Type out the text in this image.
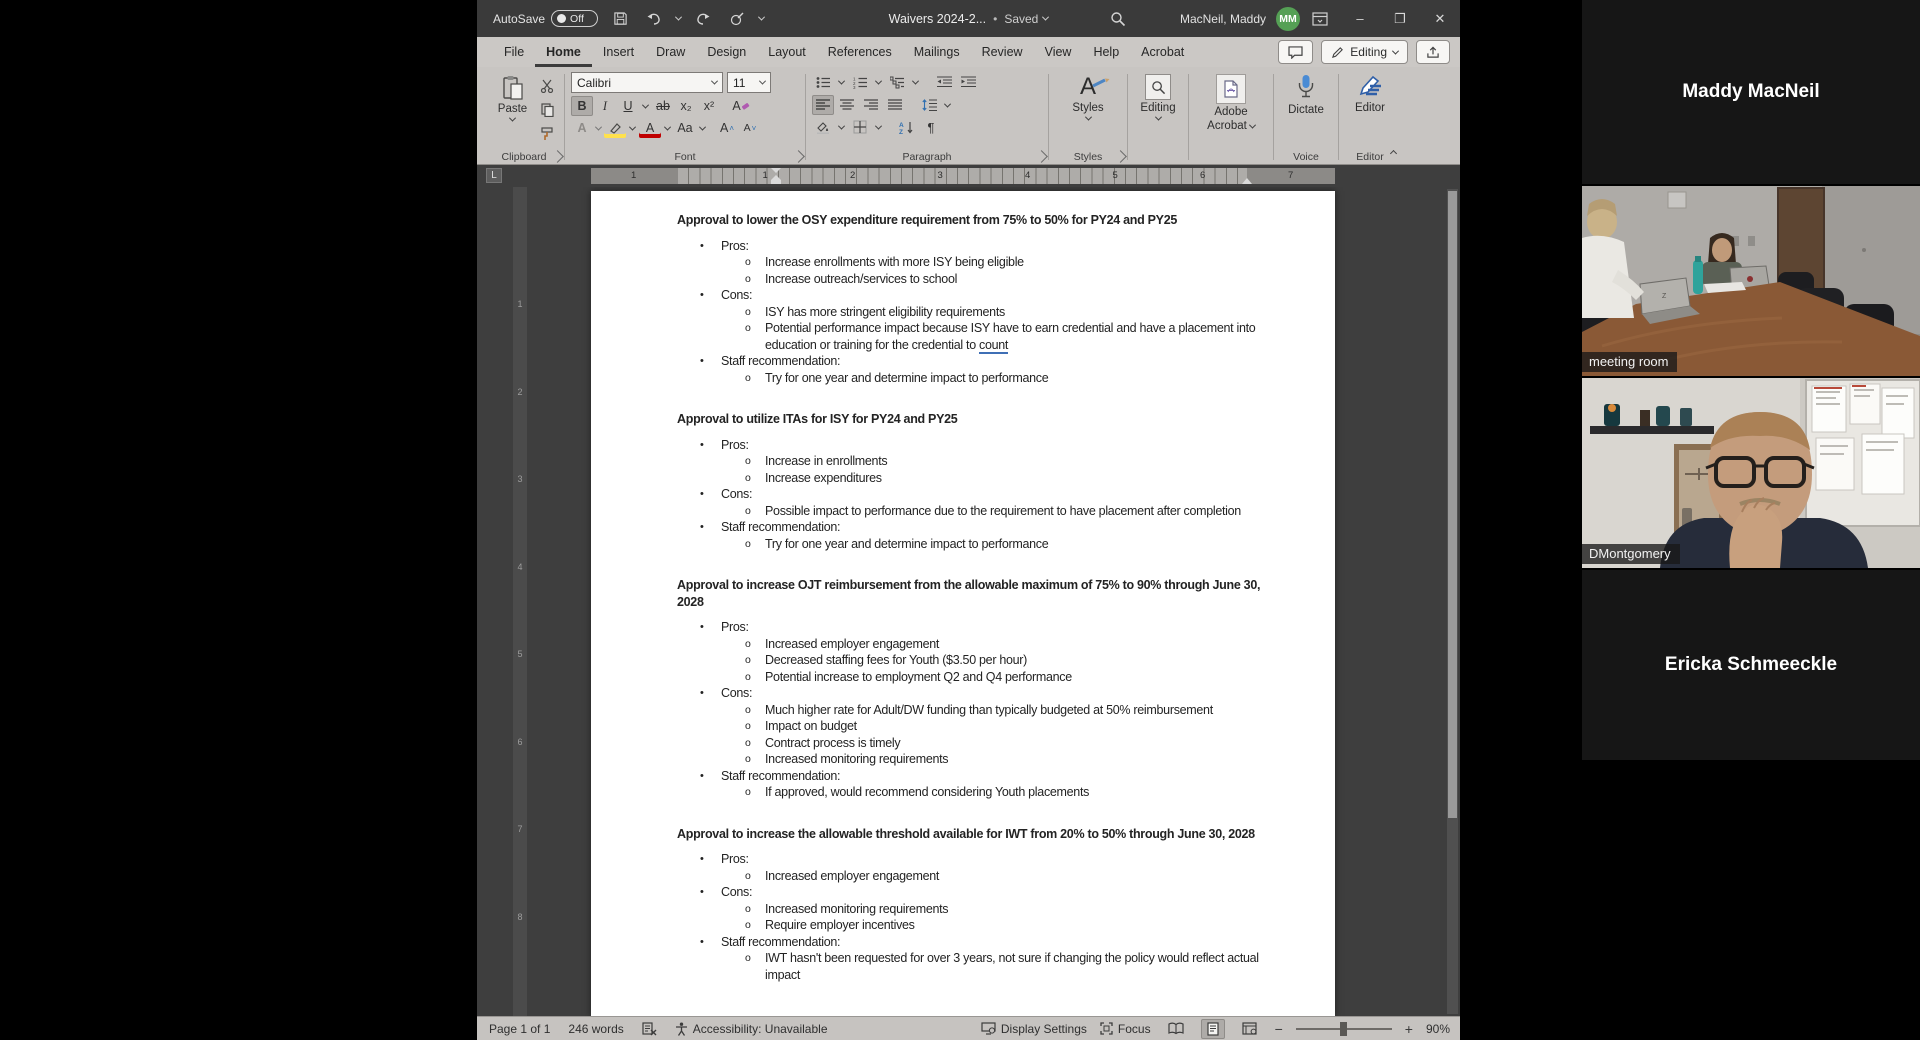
AutoSave Off	Waivers 2024-2... • Saved	MacNeil, Maddy	MM	–	❐	✕
File	Home	Insert	Draw	Design	Layout	References	Mailings	Review	View	Help	Acrobat	Editing
Paste
Clipboard
Calibri	11
B	I	U	ab x₂ x²	A
A	A	Aa A ˄ A ˅
Font
1
2
3
A
Z	¶
Paragraph
A
Styles
Styles
Editing	Adobe
Acrobat
Dictate
Voice
Editor
Editor
L	1	1	2	3	4	5	6	7
1
2
3
4
5
6
7
8
Approval to lower the OSY expenditure requirement from 75% to 50% for PY24 and PY25
•	Pros:
o	Increase enrollments with more ISY being eligible
o	Increase outreach/services to school
•	Cons:
o	ISY has more stringent eligibility requirements
o	Potential performance impact because ISY have to earn credential and have a placement into education or training for the credential to count
•	Staff recommendation:
o	Try for one year and determine impact to performance
Approval to utilize ITAs for ISY for PY24 and PY25
•	Pros:
o	Increase in enrollments
o	Increase expenditures
•	Cons:
o	Possible impact to performance due to the requirement to have placement after completion
•	Staff recommendation:
o	Try for one year and determine impact to performance
Approval to increase OJT reimbursement from the allowable maximum of 75% to 90% through June 30, 2028
•	Pros:
o	Increased employer engagement
o	Decreased staffing fees for Youth ($3.50 per hour)
o	Potential increase to employment Q2 and Q4 performance
•	Cons:
o	Much higher rate for Adult/DW funding than typically budgeted at 50% reimbursement
o	Impact on budget
o	Contract process is timely
o	Increased monitoring requirements
•	Staff recommendation:
o	If approved, would recommend considering Youth placements
Approval to increase the allowable threshold available for IWT from 20% to 50% through June 30, 2028
•	Pros:
o	Increased employer engagement
•	Cons:
o	Increased monitoring requirements
o	Require employer incentives
•	Staff recommendation:
o	IWT hasn't been requested for over 3 years, not sure if changing the policy would reflect actual impact
Page 1 of 1 246 words	Accessibility: Unavailable	Display Settings	Focus	−	+ 90%
Maddy MacNeil
Z
meeting room
DMontgomery
Ericka Schmeeckle
